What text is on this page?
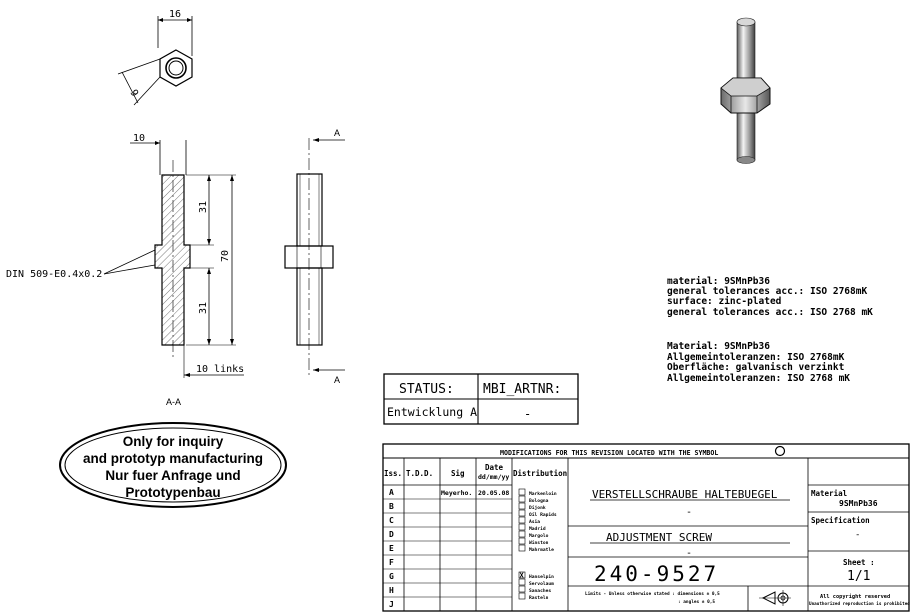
16
9
10
31
70
31
10 links
DIN 509-E0.4x0.2
A-A
A
A
material: 9SMnPb36
general tolerances acc.: ISO 2768mK
surface: zinc-plated
general tolerances acc.: ISO 2768 mK
Material: 9SMnPb36
Allgemeintoleranzen: ISO 2768mK
Oberfläche: galvanisch verzinkt
Allgemeintoleranzen: ISO 2768 mK
Only for inquiry
and prototyp manufacturing
Nur fuer Anfrage und
Prototypenbau
STATUS: MBI_ARTNR:
Entwicklung A	-
MODIFICATIONS FOR THIS REVISION LOCATED WITH THE SYMBOL
Iss. T.D.D. Sig
Date
dd/mm/yy Distribution
A
B
C
D
E
F
G
H
J
Meyerho. 20.05.08	Markenloin
Bologna
Dijonk
Oil Rapids
Asia
Madrid
Margolo
Winston
Mahrmatle
X Hanselpin
Servolaum
Sanaches
Rasteln
VERSTELLSCHRAUBE HALTEBUEGEL
-
ADJUSTMENT SCREW
-
240-9527
Limits - Unless otherwise stated : dimensions ± 0,5
: angles ± 0,5
Material
9SMnPb36
Specification
-
Sheet :
1/1
All copyright reserved
Unauthorized reproduction is prohibited
